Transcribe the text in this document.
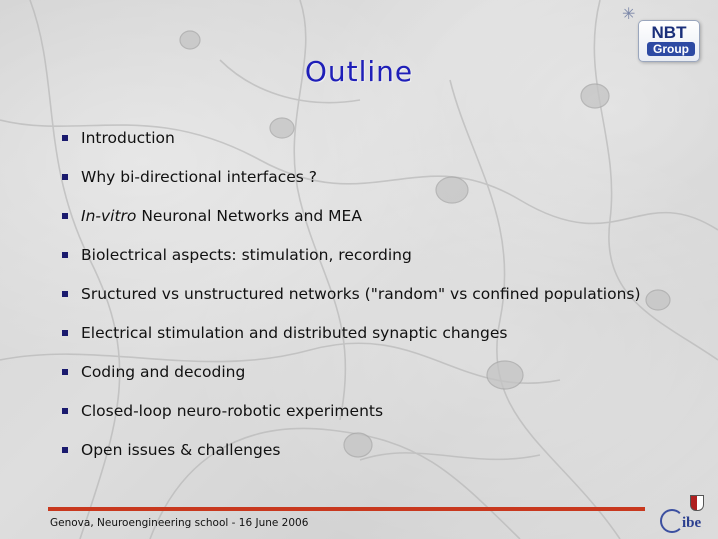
✳
NBT
Group
Outline
Introduction
Why bi-directional interfaces ?
In-vitro Neuronal Networks and MEA
Biolectrical aspects: stimulation, recording
Sructured vs unstructured networks ("random" vs confined populations)
Electrical stimulation and distributed synaptic changes
Coding and decoding
Closed-loop neuro-robotic experiments
Open issues & challenges
Genova, Neuroengineering school - 16 June 2006	ibe
